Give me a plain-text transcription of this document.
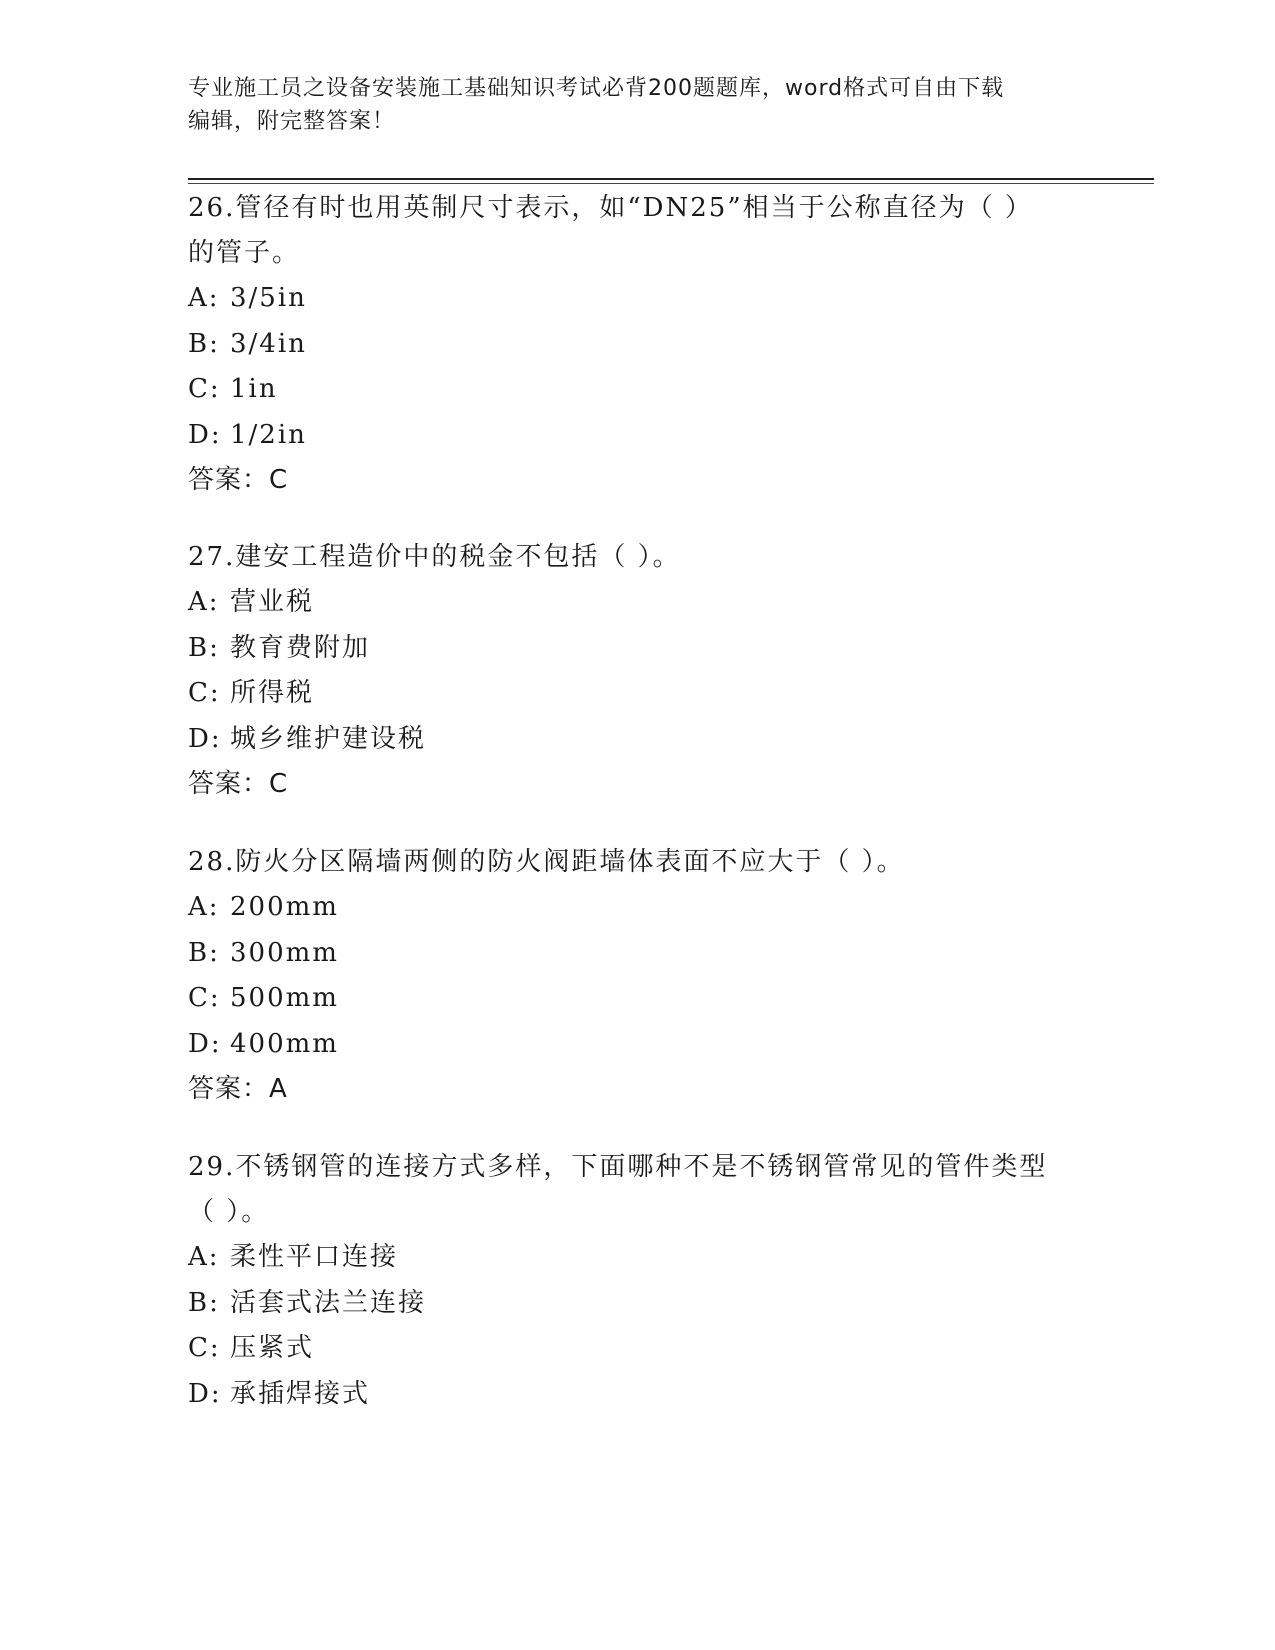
专业施工员之设备安装施工基础知识考试必背200题题库，word格式可自由下载
编辑，附完整答案！

26.管径有时也用英制尺寸表示，如“DN25”相当于公称直径为（ ）

的管子。

A: 3/5in

B: 3/4in

C: 1in

D: 1/2in

答案：C

27.建安工程造价中的税金不包括（ ）。

A: 营业税

B: 教育费附加

C: 所得税

D: 城乡维护建设税

答案：C

28.防火分区隔墙两侧的防火阀距墙体表面不应大于（ ）。

A: 200mm

B: 300mm

C: 500mm

D: 400mm

答案：A

29.不锈钢管的连接方式多样，下面哪种不是不锈钢管常见的管件类型

（ ）。

A: 柔性平口连接

B: 活套式法兰连接

C: 压紧式

D: 承插焊接式
